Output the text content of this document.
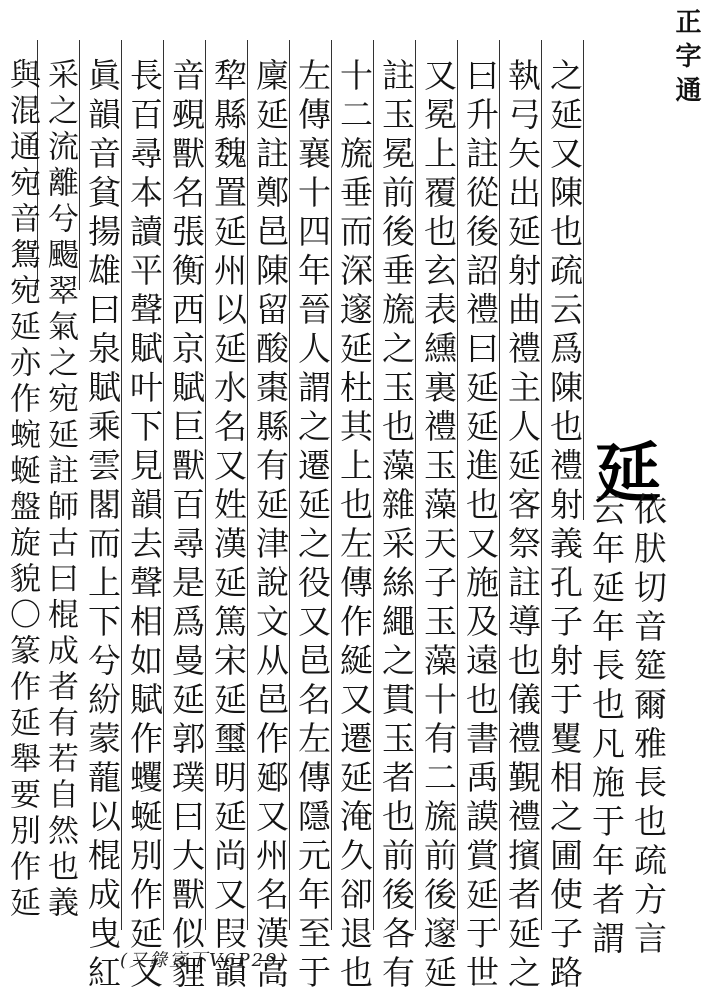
正字通
延
依肰切音筵爾雅長也疏方言
云年延年長也凡施于年者謂
之延又陳也疏云爲陳也禮射義孔子射于矍相之圃使子路
執弓矢出延射曲禮主人延客祭註導也儀禮覲禮擯者延之
曰升註從後詔禮曰延延進也又施及遠也書禹謨賞延于世
又冕上覆也玄表纁裏禮玉藻天子玉藻十有二旒前後邃延
註玉冕前後垂旒之玉也藻雜采絲繩之貫玉者也前後各有
十二旒垂而深邃延杜其上也左傳作綖又遷延淹久卻退也
左傳襄十四年晉人謂之遷延之役又邑名左傳隱元年至于
廩延註鄭邑陳留酸棗縣有延津說文从邑作郔又州名漢高
犂縣魏置延州以延水名又姓漢延篤宋延璽明延尚又叚韻
音覡獸名張衡西京賦巨獸百尋是爲曼延郭璞曰大獸似貍
長百尋本讀平聲賦叶下見韻去聲相如賦作蠼蜒別作延又
眞韻音貧揚雄曰泉賦乘雲閣而上下兮紛蒙蘢以棍成曳紅
采之流離兮颺翠氣之宛延註師古曰棍成者有若自然也義
與混通宛音鴛宛延亦作蜿蜒盤旋貌〇篆作延舉要別作延
(又錄宣下V6P29)
